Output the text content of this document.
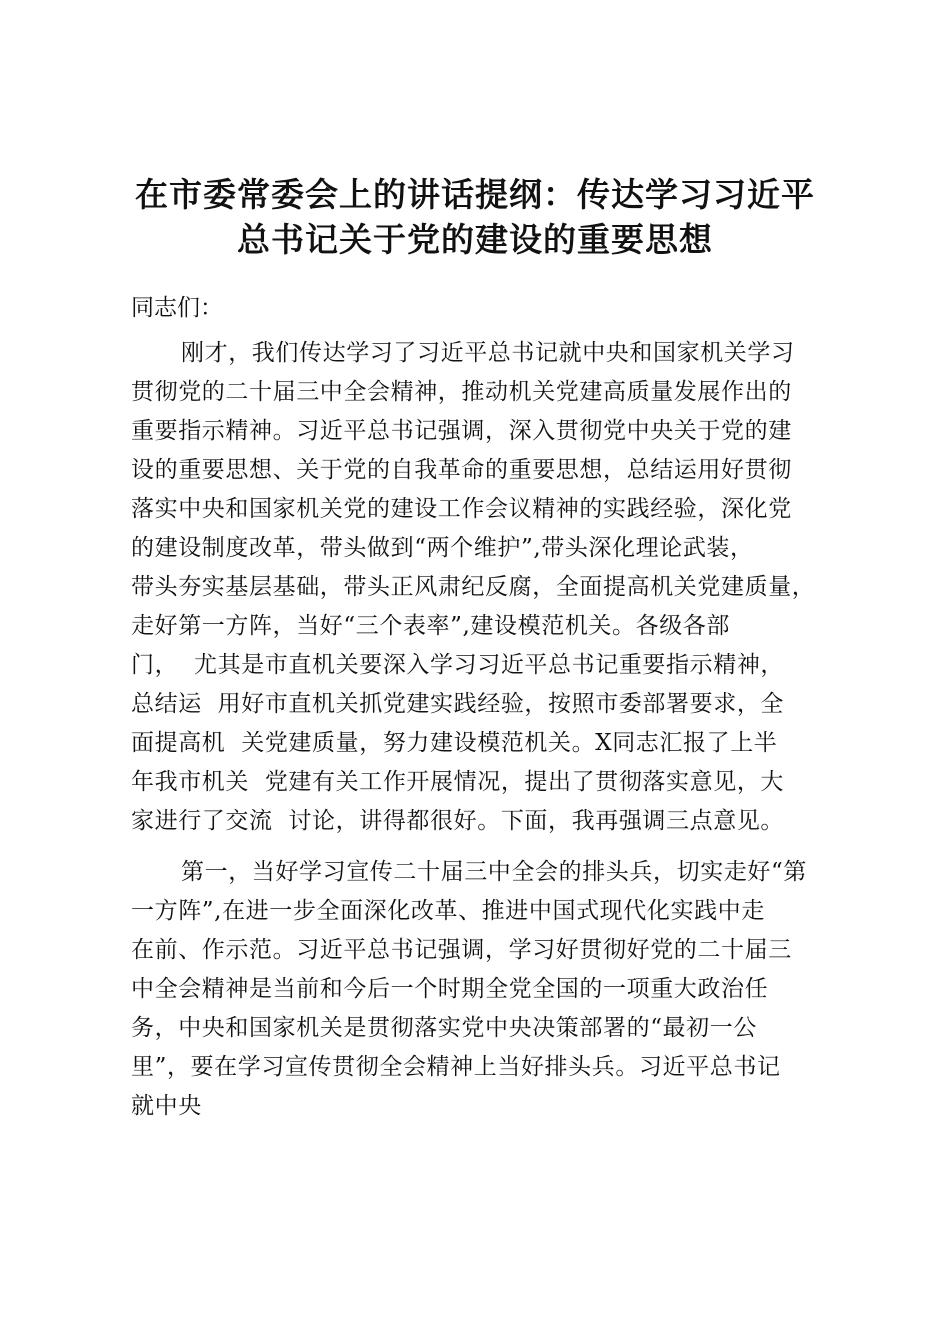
在市委常委会上的讲话提纲：传达学习习近平
总书记关于党的建设的重要思想
同志们：
刚才，我们传达学习了习近平总书记就中央和国家机关学习
贯彻党的二十届三中全会精神，推动机关党建高质量发展作出的
重要指示精神。习近平总书记强调，深入贯彻党中央关于党的建
设的重要思想、关于党的自我革命的重要思想，总结运用好贯彻
落实中央和国家机关党的建设工作会议精神的实践经验，深化党
的建设制度改革，带头做到“两个维护”,带头深化理论武装，
带头夯实基层基础，带头正风肃纪反腐，全面提高机关党建质量，
走好第一方阵，当好“三个表率”,建设模范机关。各级各部
门，  尤其是市直机关要深入学习习近平总书记重要指示精神，
总结运  用好市直机关抓党建实践经验，按照市委部署要求，全
面提高机  关党建质量，努力建设模范机关。X同志汇报了上半
年我市机关  党建有关工作开展情况，提出了贯彻落实意见，大
家进行了交流  讨论，讲得都很好。下面，我再强调三点意见。
第一，当好学习宣传二十届三中全会的排头兵，切实走好“第
一方阵”,在进一步全面深化改革、推进中国式现代化实践中走
在前、作示范。习近平总书记强调，学习好贯彻好党的二十届三
中全会精神是当前和今后一个时期全党全国的一项重大政治任
务，中央和国家机关是贯彻落实党中央决策部署的“最初一公
里”，要在学习宣传贯彻全会精神上当好排头兵。习近平总书记
就中央
